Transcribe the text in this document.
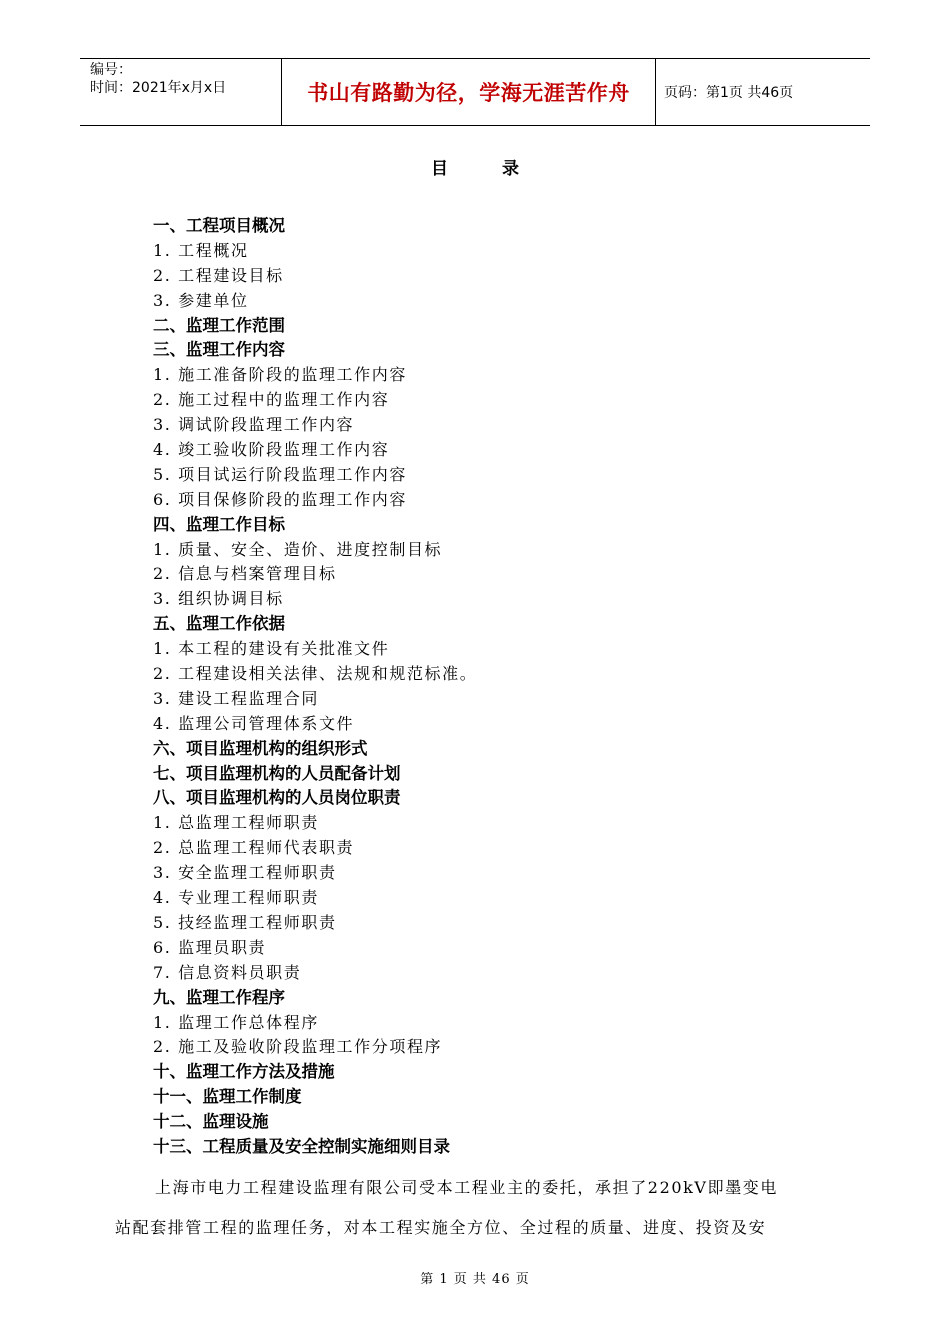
编号：
时间：2021年x月x日	书山有路勤为径，学海无涯苦作舟	页码：第1页 共46页
目	录
一、工程项目概况
1. 工程概况
2. 工程建设目标
3. 参建单位
二、监理工作范围
三、监理工作内容
1. 施工准备阶段的监理工作内容
2. 施工过程中的监理工作内容
3. 调试阶段监理工作内容
4. 竣工验收阶段监理工作内容
5. 项目试运行阶段监理工作内容
6. 项目保修阶段的监理工作内容
四、监理工作目标
1. 质量、安全、造价、进度控制目标
2. 信息与档案管理目标
3. 组织协调目标
五、监理工作依据
1. 本工程的建设有关批准文件
2. 工程建设相关法律、法规和规范标准。
3. 建设工程监理合同
4. 监理公司管理体系文件
六、项目监理机构的组织形式
七、项目监理机构的人员配备计划
八、项目监理机构的人员岗位职责
1. 总监理工程师职责
2. 总监理工程师代表职责
3. 安全监理工程师职责
4. 专业理工程师职责
5. 技经监理工程师职责
6. 监理员职责
7. 信息资料员职责
九、监理工作程序
1. 监理工作总体程序
2. 施工及验收阶段监理工作分项程序
十、监理工作方法及措施
十一、监理工作制度
十二、监理设施
十三、工程质量及安全控制实施细则目录

上海市电力工程建设监理有限公司受本工程业主的委托，承担了220kV即墨变电
站配套排管工程的监理任务，对本工程实施全方位、全过程的质量、进度、投资及安

第 1 页 共 46 页
